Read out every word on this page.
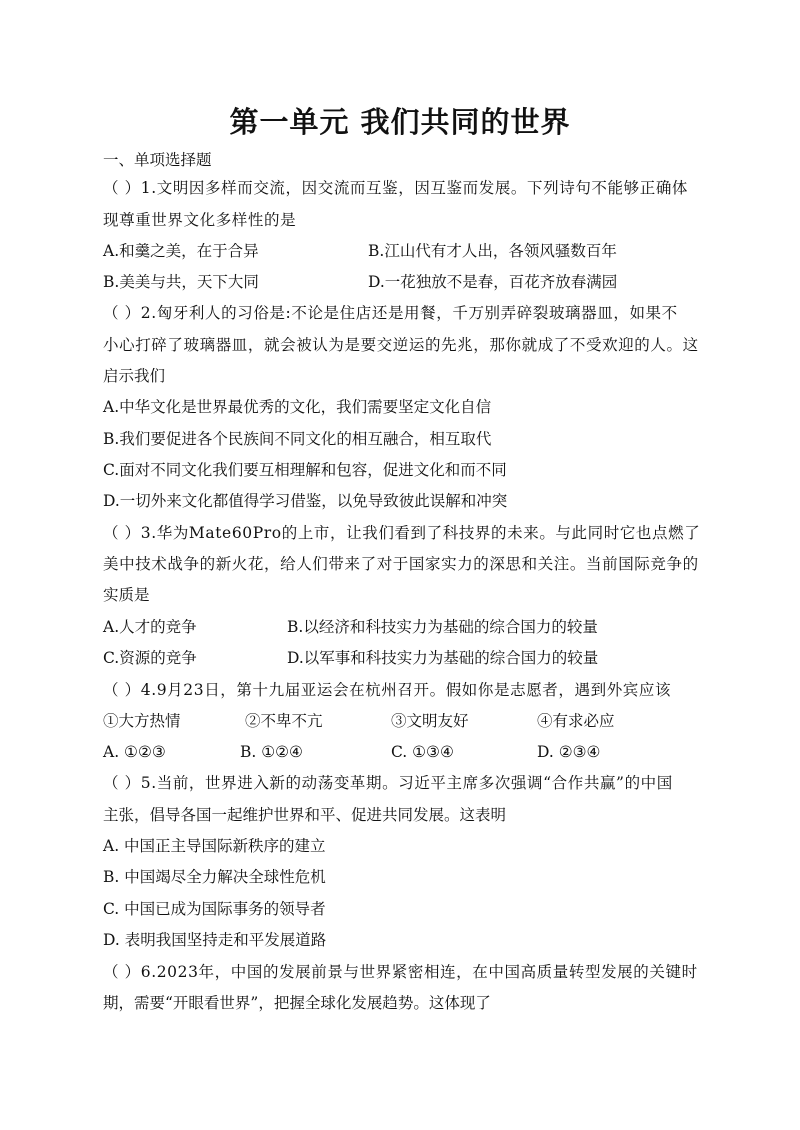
第一单元 我们共同的世界
一、单项选择题
（ ）1.文明因多样而交流，因交流而互鉴，因互鉴而发展。下列诗句不能够正确体
现尊重世界文化多样性的是
A.和羹之美，在于合异	B.江山代有才人出，各领风骚数百年
B.美美与共，天下大同	D.一花独放不是春，百花齐放春满园
（ ）2.匈牙利人的习俗是:不论是住店还是用餐，千万别弄碎裂玻璃器皿，如果不
小心打碎了玻璃器皿，就会被认为是要交逆运的先兆，那你就成了不受欢迎的人。这
启示我们
A.中华文化是世界最优秀的文化，我们需要坚定文化自信
B.我们要促进各个民族间不同文化的相互融合，相互取代
C.面对不同文化我们要互相理解和包容，促进文化和而不同
D.一切外来文化都值得学习借鉴，以免导致彼此误解和冲突
（ ）3.华为Mate60Pro的上市，让我们看到了科技界的未来。与此同时它也点燃了
美中技术战争的新火花，给人们带来了对于国家实力的深思和关注。当前国际竞争的
实质是
A.人才的竞争	B.以经济和科技实力为基础的综合国力的较量
C.资源的竞争	D.以军事和科技实力为基础的综合国力的较量
（ ）4.9月23日，第十九届亚运会在杭州召开。假如你是志愿者，遇到外宾应该
①大方热情	②不卑不亢	③文明友好	④有求必应
A. ①②③	B. ①②④	C. ①③④	D. ②③④
（ ）5.当前，世界进入新的动荡变革期。习近平主席多次强调“合作共赢”的中国
主张，倡导各国一起维护世界和平、促进共同发展。这表明
A. 中国正主导国际新秩序的建立
B. 中国竭尽全力解决全球性危机
C. 中国已成为国际事务的领导者
D. 表明我国坚持走和平发展道路
（ ）6.2023年，中国的发展前景与世界紧密相连，在中国高质量转型发展的关键时
期，需要“开眼看世界”，把握全球化发展趋势。这体现了
